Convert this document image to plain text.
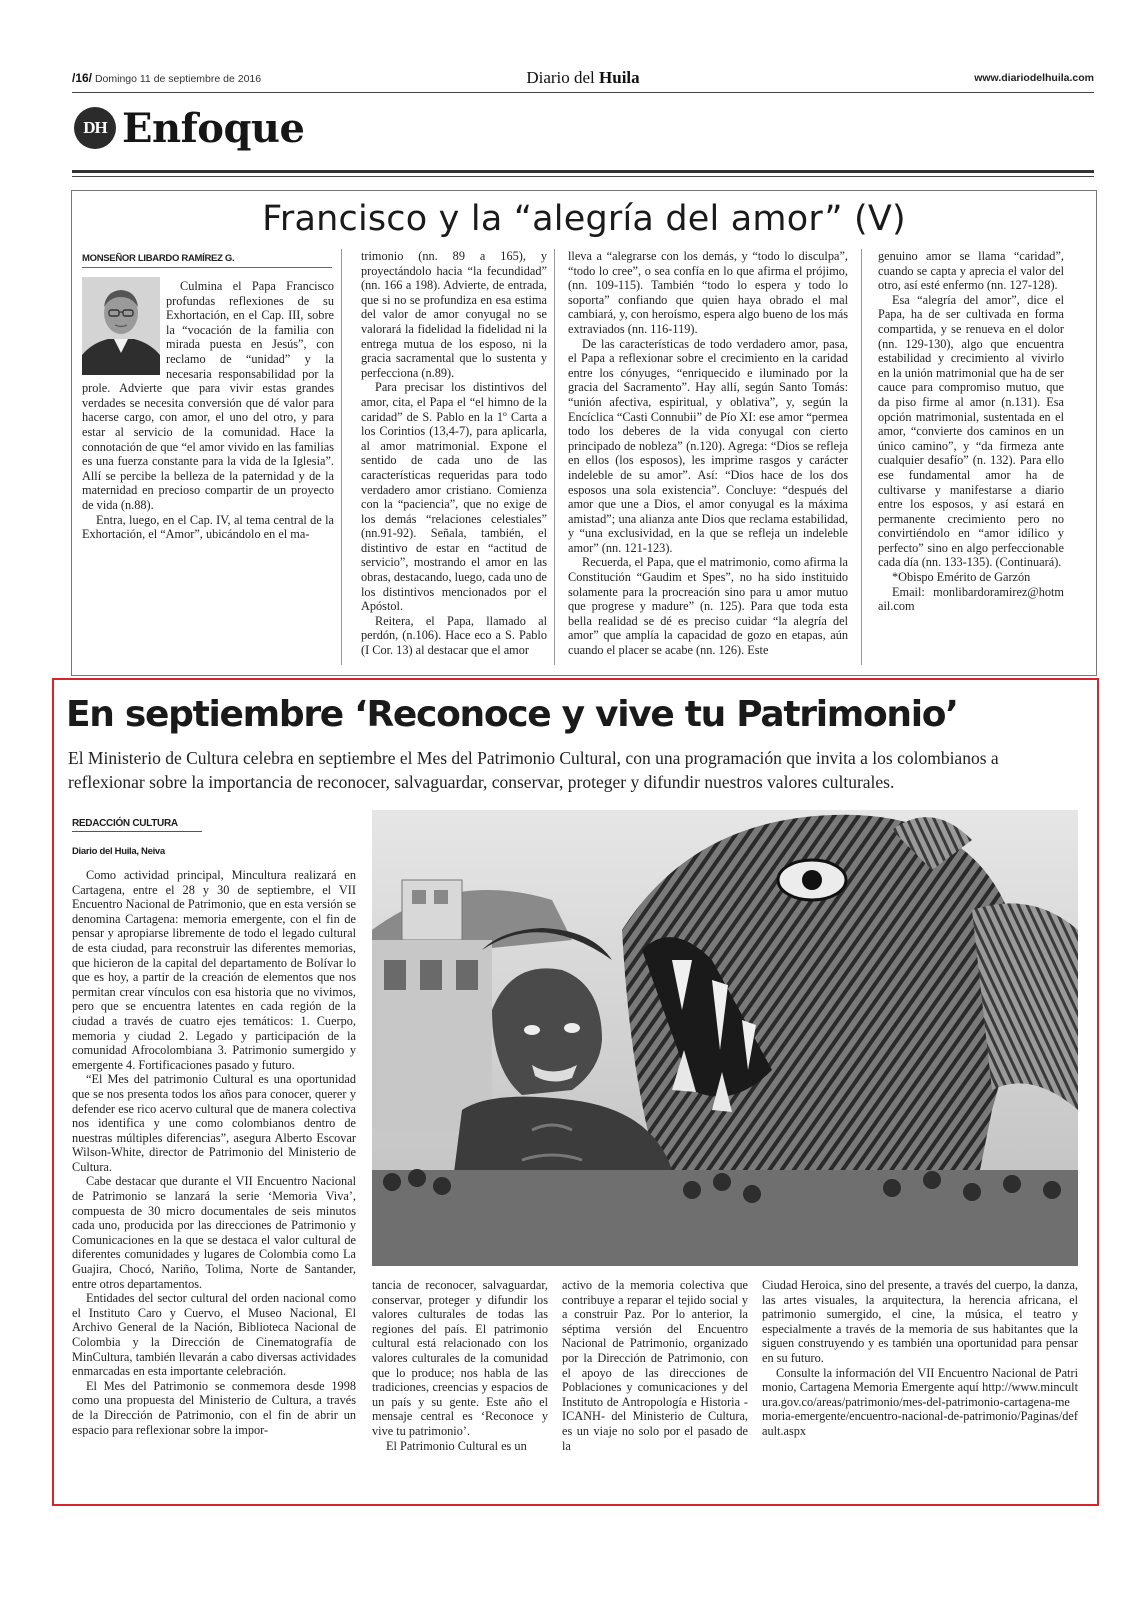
/16/ Domingo 11 de septiembre de 2016	Diario del Huila	www.diariodelhuila.com
DH Enfoque
Francisco y la “alegría del amor” (V)
MONSEÑOR LIBARDO RAMÍREZ G.

Culmina el Papa Francisco profundas reflexiones de su Exhortación, en el Cap. III, sobre la “vocación de la familia con mirada puesta en Jesús”, con reclamo de “unidad” y la necesaria responsabilidad por la prole. Advierte que para vivir estas grandes verdades se necesita conversión que dé valor para hacerse cargo, con amor, el uno del otro, y para estar al servicio de la comunidad. Hace la connotación de que “el amor vivido en las familias es una fuerza constante para la vida de la Iglesia”. Allí se percibe la belleza de la paternidad y de la maternidad en precioso compartir de un proyecto de vida (n.88).

Entra, luego, en el Cap. IV, al tema central de la Exhortación, el “Amor”, ubicándolo en el ma-

trimonio (nn. 89 a 165), y proyectándolo hacia “la fecundidad” (nn. 166 a 198). Advierte, de entrada, que si no se profundiza en esa estima del valor de amor conyugal no se valorará la fidelidad la fidelidad ni la entrega mutua de los esposo, ni la gracia sacramental que lo sustenta y perfecciona (n.89).

Para precisar los distintivos del amor, cita, el Papa el “el himno de la caridad” de S. Pablo en la 1º Carta a los Corintios (13,4-7), para aplicarla, al amor matrimonial. Expone el sentido de cada uno de las características requeridas para todo verdadero amor cristiano. Comienza con la “paciencia”, que no exige de los demás “relaciones celestiales” (nn.91-92). Señala, también, el distintivo de estar en “actitud de servicio”, mostrando el amor en las obras, destacando, luego, cada uno de los distintivos mencionados por el Apóstol.

Reitera, el Papa, llamado al perdón, (n.106). Hace eco a S. Pablo (I Cor. 13) al destacar que el amor

lleva a “alegrarse con los demás, y “todo lo disculpa”, “todo lo cree”, o sea confía en lo que afirma el prójimo, (nn. 109-115). También “todo lo espera y todo lo soporta” confiando que quien haya obrado el mal cambiará, y, con heroísmo, espera algo bueno de los más extraviados (nn. 116-119).

De las características de todo verdadero amor, pasa, el Papa a reflexionar sobre el crecimiento en la caridad entre los cónyuges, “enriquecido e iluminado por la gracia del Sacramento”. Hay allí, según Santo Tomás: “unión afectiva, espiritual, y oblativa”, y, según la Encíclica “Casti Connubii” de Pío XI: ese amor “permea todo los deberes de la vida conyugal con cierto principado de nobleza” (n.120). Agrega: “Dios se refleja en ellos (los esposos), les imprime rasgos y carácter indeleble de su amor”. Así: “Dios hace de los dos esposos una sola existencia”. Concluye: “después del amor que une a Dios, el amor conyugal es la máxima amistad”; una alianza ante Dios que reclama estabilidad, y “una exclusividad, en la que se refleja un indeleble amor” (nn. 121-123).

Recuerda, el Papa, que el matrimonio, como afirma la Constitución “Gaudim et Spes”, no ha sido instituido solamente para la procreación sino para u amor mutuo que progrese y madure” (n. 125). Para que toda esta bella realidad se dé es preciso cuidar “la alegría del amor” que amplía la capacidad de gozo en etapas, aún cuando el placer se acabe (nn. 126). Este

genuino amor se llama “caridad”, cuando se capta y aprecia el valor del otro, así esté enfermo (nn. 127-128).

Esa “alegría del amor”, dice el Papa, ha de ser cultivada en forma compartida, y se renueva en el dolor (nn. 129-130), algo que encuentra estabilidad y crecimiento al vivirlo en la unión matrimonial que ha de ser cauce para compromiso mutuo, que da piso firme al amor (n.131). Esa opción matrimonial, sustentada en el amor, “convierte dos caminos en un único camino”, y “da firmeza ante cualquier desafío” (n. 132). Para ello ese fundamental amor ha de cultivarse y manifestarse a diario entre los esposos, y así estará en permanente crecimiento pero no convirtiéndolo en “amor idílico y perfecto” sino en algo perfeccionable cada día (nn. 133-135). (Continuará).

*Obispo Emérito de Garzón

Email: monlibardoramirez@hotmail.com

En septiembre ‘Reconoce y vive tu Patrimonio’
El Ministerio de Cultura celebra en septiembre el Mes del Patrimonio Cultural, con una programación que invita a los colombianos a reflexionar sobre la importancia de reconocer, salvaguardar, conservar, proteger y difundir nuestros valores culturales.
REDACCIÓN CULTURA
Diario del Huila, Neiva

Como actividad principal, Mincultura realizará en Cartagena, entre el 28 y 30 de septiembre, el VII Encuentro Nacional de Patrimonio, que en esta versión se denomina Cartagena: memoria emergente, con el fin de pensar y apropiarse libremente de todo el legado cultural de esta ciudad, para reconstruir las diferentes memorias, que hicieron de la capital del departamento de Bolívar lo que es hoy, a partir de la creación de elementos que nos permitan crear vínculos con esa historia que no vivimos, pero que se encuentra latentes en cada región de la ciudad a través de cuatro ejes temáticos: 1. Cuerpo, memoria y ciudad 2. Legado y participación de la comunidad Afrocolombiana 3. Patrimonio sumergido y emergente 4. Fortificaciones pasado y futuro.

“El Mes del patrimonio Cultural es una oportunidad que se nos presenta todos los años para conocer, querer y defender ese rico acervo cultural que de manera colectiva nos identifica y une como colombianos dentro de nuestras múltiples diferencias”, asegura Alberto Escovar Wilson-White, director de Patrimonio del Ministerio de Cultura.

Cabe destacar que durante el VII Encuentro Nacional de Patrimonio se lanzará la serie ‘Memoria Viva’, compuesta de 30 micro documentales de seis minutos cada uno, producida por las direcciones de Patrimonio y Comunicaciones en la que se destaca el valor cultural de diferentes comunidades y lugares de Colombia como La Guajira, Chocó, Nariño, Tolima, Norte de Santander, entre otros departamentos.

Entidades del sector cultural del orden nacional como el Instituto Caro y Cuervo, el Museo Nacional, El Archivo General de la Nación, Biblioteca Nacional de Colombia y la Dirección de Cinematografía de MinCultura, también llevarán a cabo diversas actividades enmarcadas en esta importante celebración.

El Mes del Patrimonio se conmemora desde 1998 como una propuesta del Ministerio de Cultura, a través de la Dirección de Patrimonio, con el fin de abrir un espacio para reflexionar sobre la impor-

tancia de reconocer, salvaguardar, conservar, proteger y difundir los valores culturales de todas las regiones del país. El patrimonio cultural está relacionado con los valores culturales de la comunidad que lo produce; nos habla de las tradiciones, creencias y espacios de un país y su gente. Este año el mensaje central es ‘Reconoce y vive tu patrimonio’.

El Patrimonio Cultural es un

activo de la memoria colectiva que contribuye a reparar el tejido social y a construir Paz. Por lo anterior, la séptima versión del Encuentro Nacional de Patrimonio, organizado por la Dirección de Patrimonio, con el apoyo de las direcciones de Poblaciones y comunicaciones y del Instituto de Antropología e Historia -ICANH- del Ministerio de Cultura, es un viaje no solo por el pasado de la

Ciudad Heroica, sino del presente, a través del cuerpo, la danza, las artes visuales, la arquitectura, la herencia africana, el patrimonio sumergido, el cine, la música, el teatro y especialmente a través de la memoria de sus habitantes que la siguen construyendo y es también una oportunidad para pensar en su futuro.

Consulte la información del VII Encuentro Nacional de Patrimonio, Cartagena Memoria Emergente aquí http://www.mincultura.gov.co/areas/patrimonio/mes-del-patrimonio-cartagena-memoria-emergente/encuentro-nacional-de-patrimonio/Paginas/default.aspx
